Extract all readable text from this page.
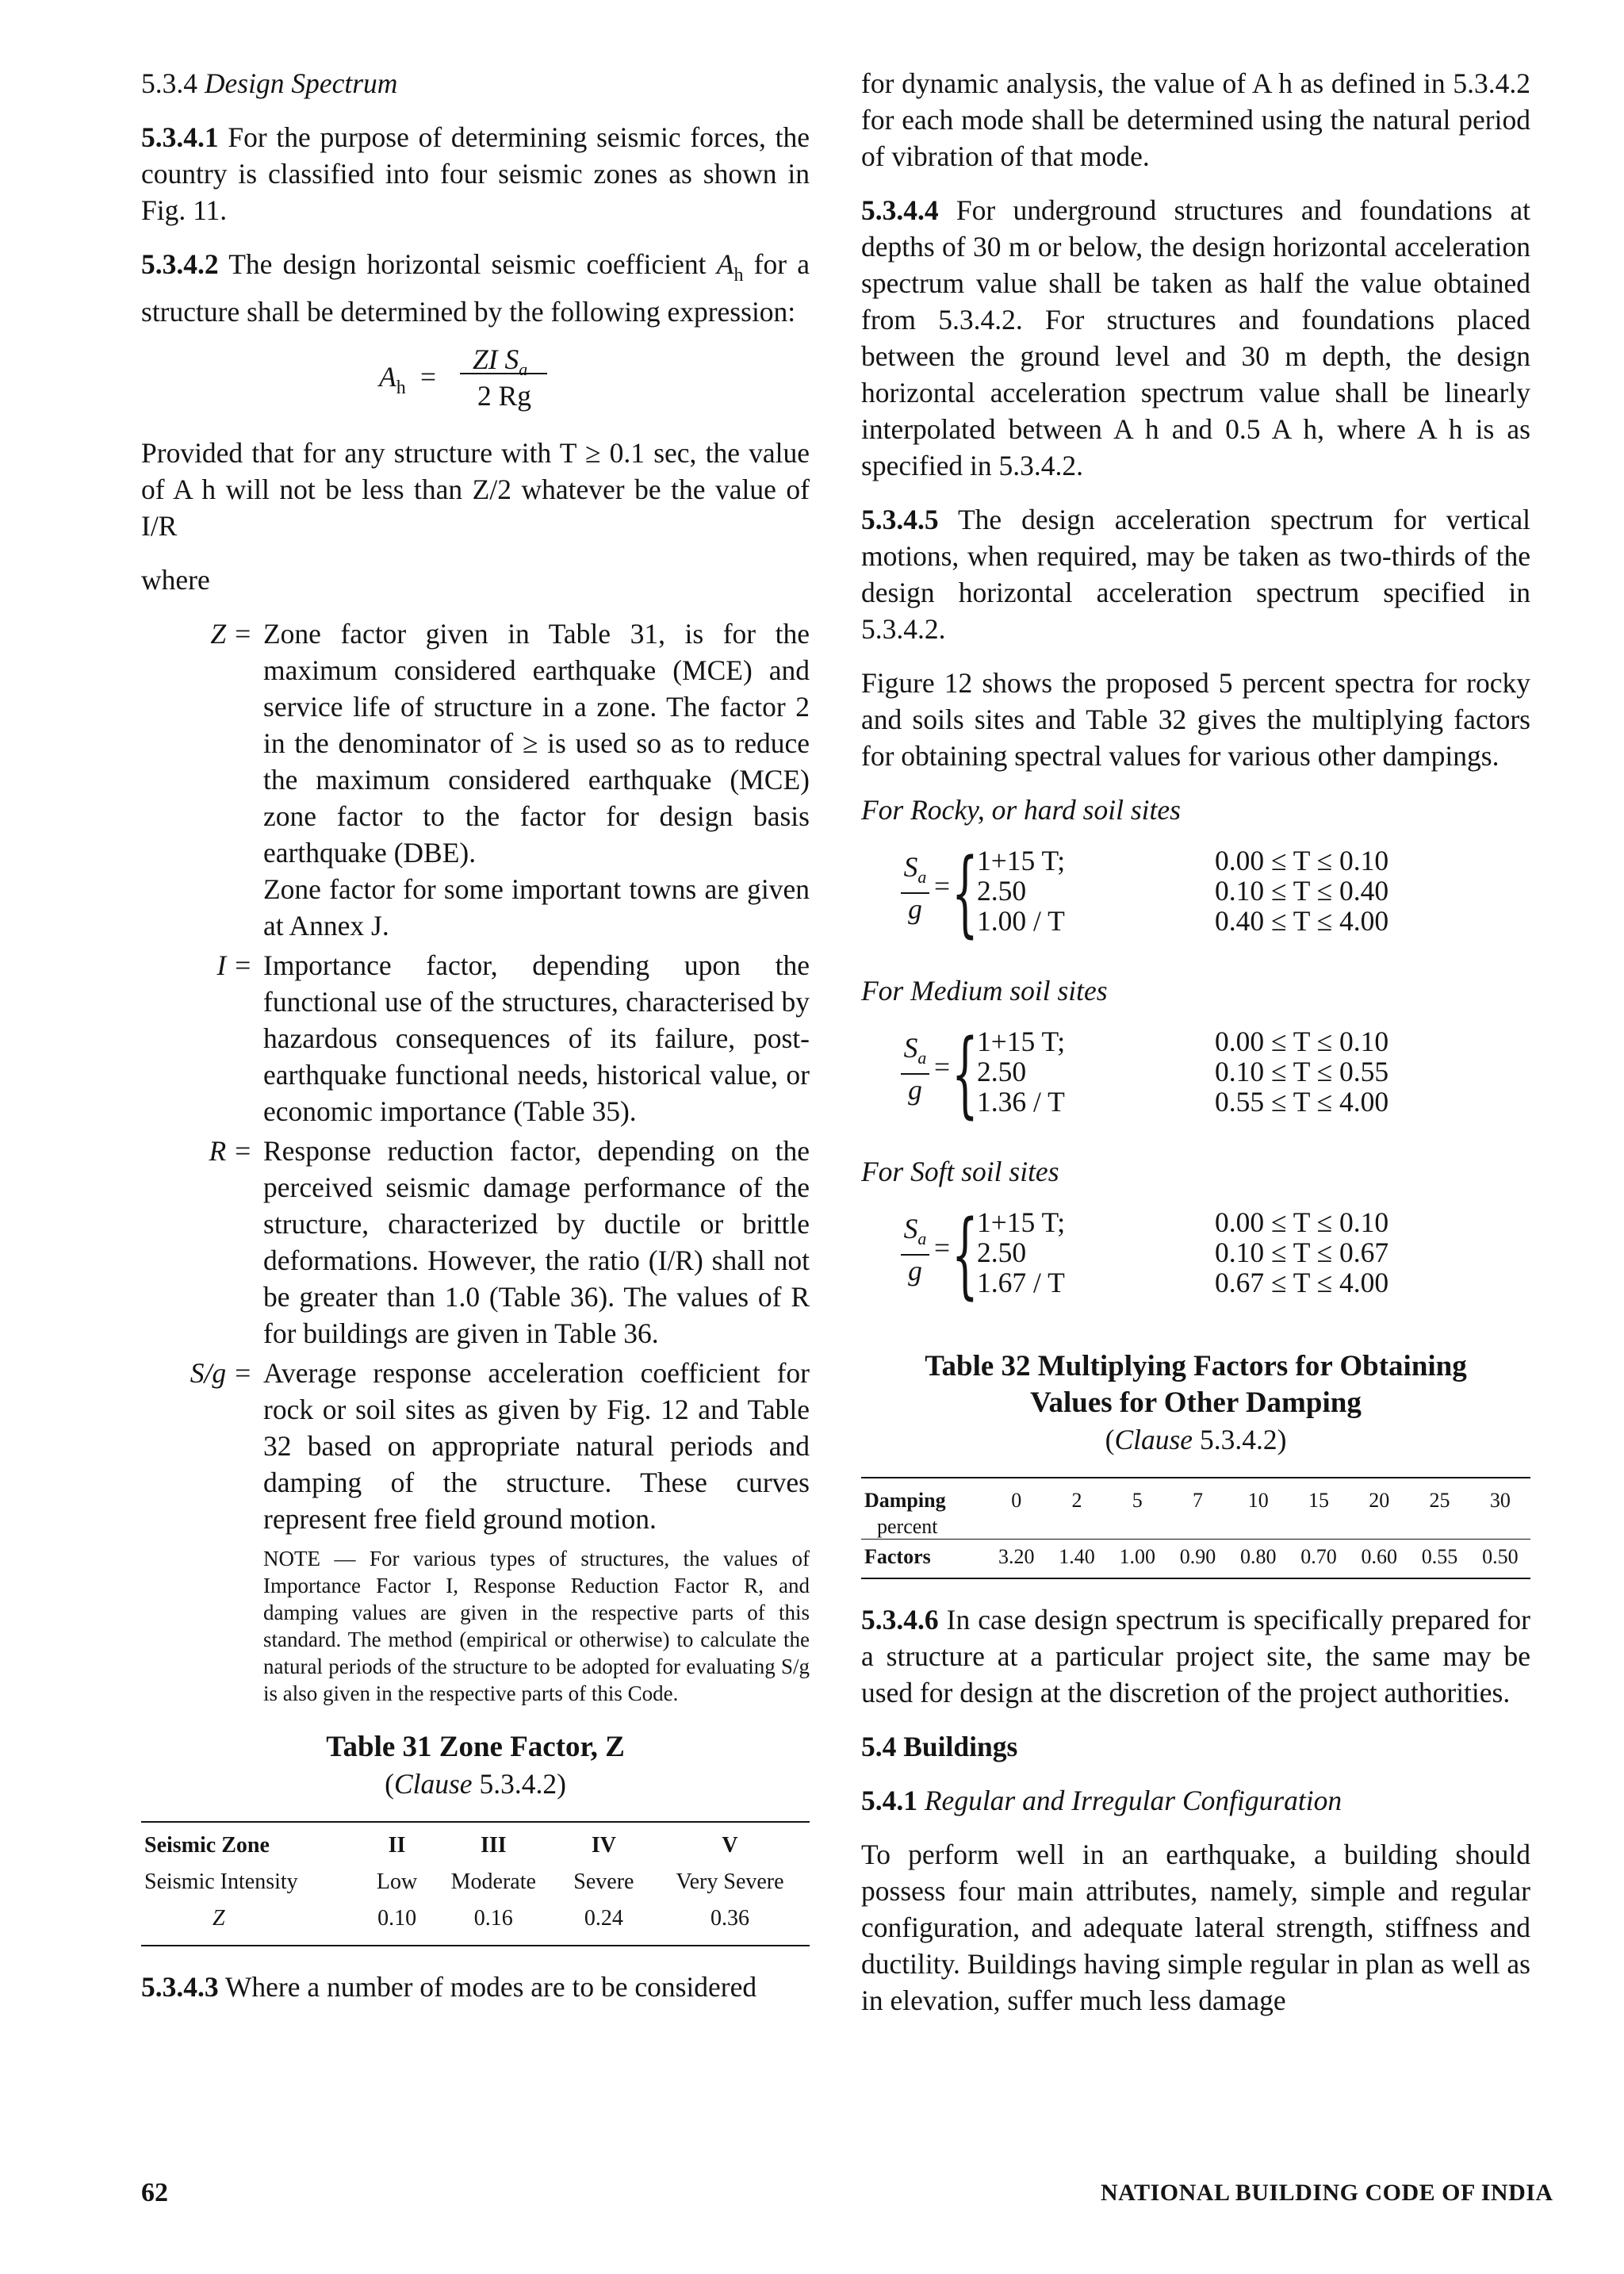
5.3.4 Design Spectrum

5.3.4.1 For the purpose of determining seismic forces, the country is classified into four seismic zones as shown in Fig. 11.

5.3.4.2 The design horizontal seismic coefficient $A_h$ for a structure shall be determined by the following expression:

$A_h$ =
ZI $S_a$
2 Rg

Provided that for any structure with T ≥ 0.1 sec, the value of A h will not be less than Z/2 whatever be the value of I/R

where

Z = Zone factor given in Table 31, is for the maximum considered earthquake (MCE) and service life of structure in a zone. The factor 2 in the denominator of ≥ is used so as to reduce the maximum considered earthquake (MCE) zone factor to the factor for design basis earthquake (DBE).

Zone factor for some important towns are given at Annex J.

I = Importance factor, depending upon the functional use of the structures, characterised by hazardous consequences of its failure, post-earthquake functional needs, historical value, or economic importance (Table 35).
R = Response reduction factor, depending on the perceived seismic damage performance of the structure, characterized by ductile or brittle deformations. However, the ratio (I/R) shall not be greater than 1.0 (Table 36). The values of R for buildings are given in Table 36.
S/g = Average response acceleration coefficient for rock or soil sites as given by Fig. 12 and Table 32 based on appropriate natural periods and damping of the structure. These curves represent free field ground motion.

NOTE — For various types of structures, the values of Importance Factor I, Response Reduction Factor R, and damping values are given in the respective parts of this standard. The method (empirical or otherwise) to calculate the natural periods of the structure to be adopted for evaluating S/g is also given in the respective parts of this Code.

Table 31 Zone Factor, Z
(Clause 5.3.4.2)
Seismic Zone	II	III	IV	V
Seismic Intensity	Low	Moderate	Severe	Very Severe
Z	0.10	0.16	0.24	0.36

5.3.4.3 Where a number of modes are to be considered

for dynamic analysis, the value of A h as defined in 5.3.4.2 for each mode shall be determined using the natural period of vibration of that mode.

5.3.4.4 For underground structures and foundations at depths of 30 m or below, the design horizontal acceleration spectrum value shall be taken as half the value obtained from 5.3.4.2. For structures and foundations placed between the ground level and 30 m depth, the design horizontal acceleration spectrum value shall be linearly interpolated between A h and 0.5 A h, where A h is as specified in 5.3.4.2.

5.3.4.5 The design acceleration spectrum for vertical motions, when required, may be taken as two-thirds of the design horizontal acceleration spectrum specified in 5.3.4.2.

Figure 12 shows the proposed 5 percent spectra for rocky and soils sites and Table 32 gives the multiplying factors for obtaining spectral values for various other dampings.

For Rocky, or hard soil sites

$S_a$
g
= {
1+15 T;
2.50
1.00 / T
0.00 ≤ T ≤ 0.10
0.10 ≤ T ≤ 0.40
0.40 ≤ T ≤ 4.00

For Medium soil sites

$S_a$
g
= {
1+15 T;
2.50
1.36 / T
0.00 ≤ T ≤ 0.10
0.10 ≤ T ≤ 0.55
0.55 ≤ T ≤ 4.00

For Soft soil sites

$S_a$
g
= {
1+15 T;
2.50
1.67 / T
0.00 ≤ T ≤ 0.10
0.10 ≤ T ≤ 0.67
0.67 ≤ T ≤ 4.00
Table 32 Multiplying Factors for Obtaining
Values for Other Damping
(Clause 5.3.4.2)
Damping
percent	0	2	5	7	10	15	20	25	30
Factors	3.20	1.40	1.00	0.90	0.80	0.70	0.60	0.55	0.50

5.3.4.6 In case design spectrum is specifically prepared for a structure at a particular project site, the same may be used for design at the discretion of the project authorities.

5.4 Buildings

5.4.1 Regular and Irregular Configuration

To perform well in an earthquake, a building should possess four main attributes, namely, simple and regular configuration, and adequate lateral strength, stiffness and ductility. Buildings having simple regular in plan as well as in elevation, suffer much less damage

62	NATIONAL BUILDING CODE OF INDIA
